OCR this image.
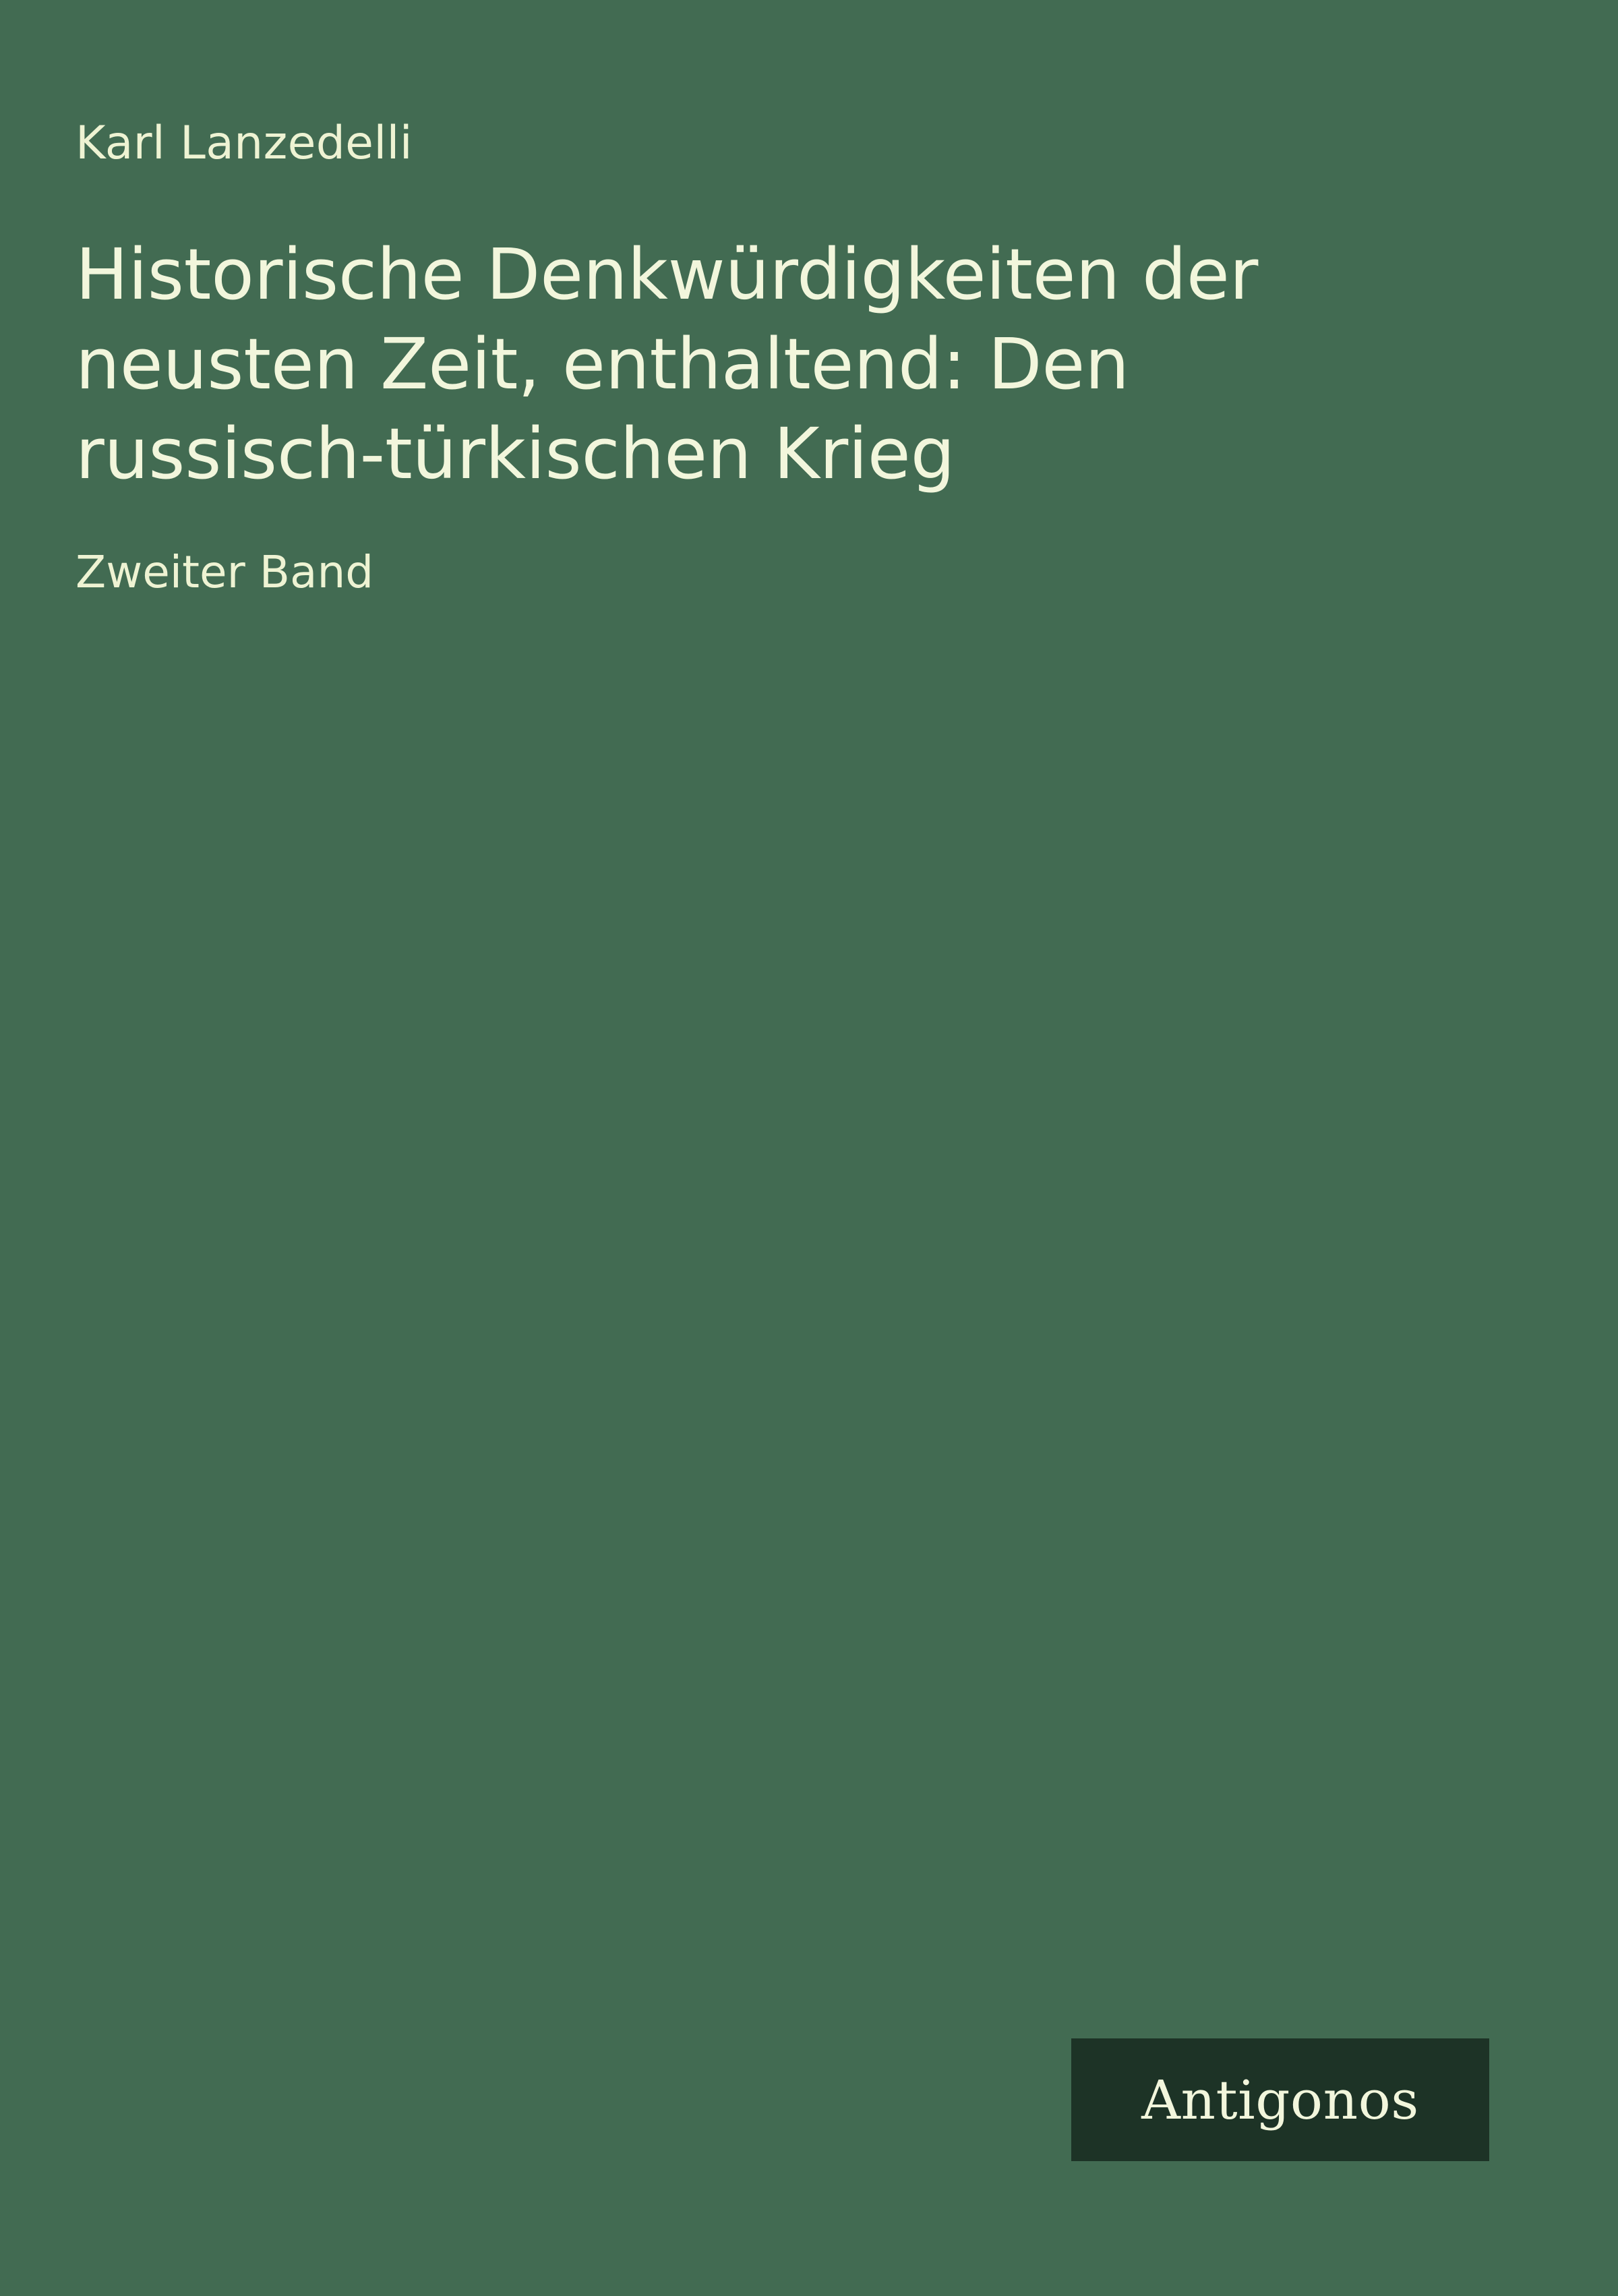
Karl Lanzedelli
Historische Denkwürdigkeiten der neusten Zeit, enthaltend: Den russisch-türkischen Krieg
Zweiter Band
Antigonos
